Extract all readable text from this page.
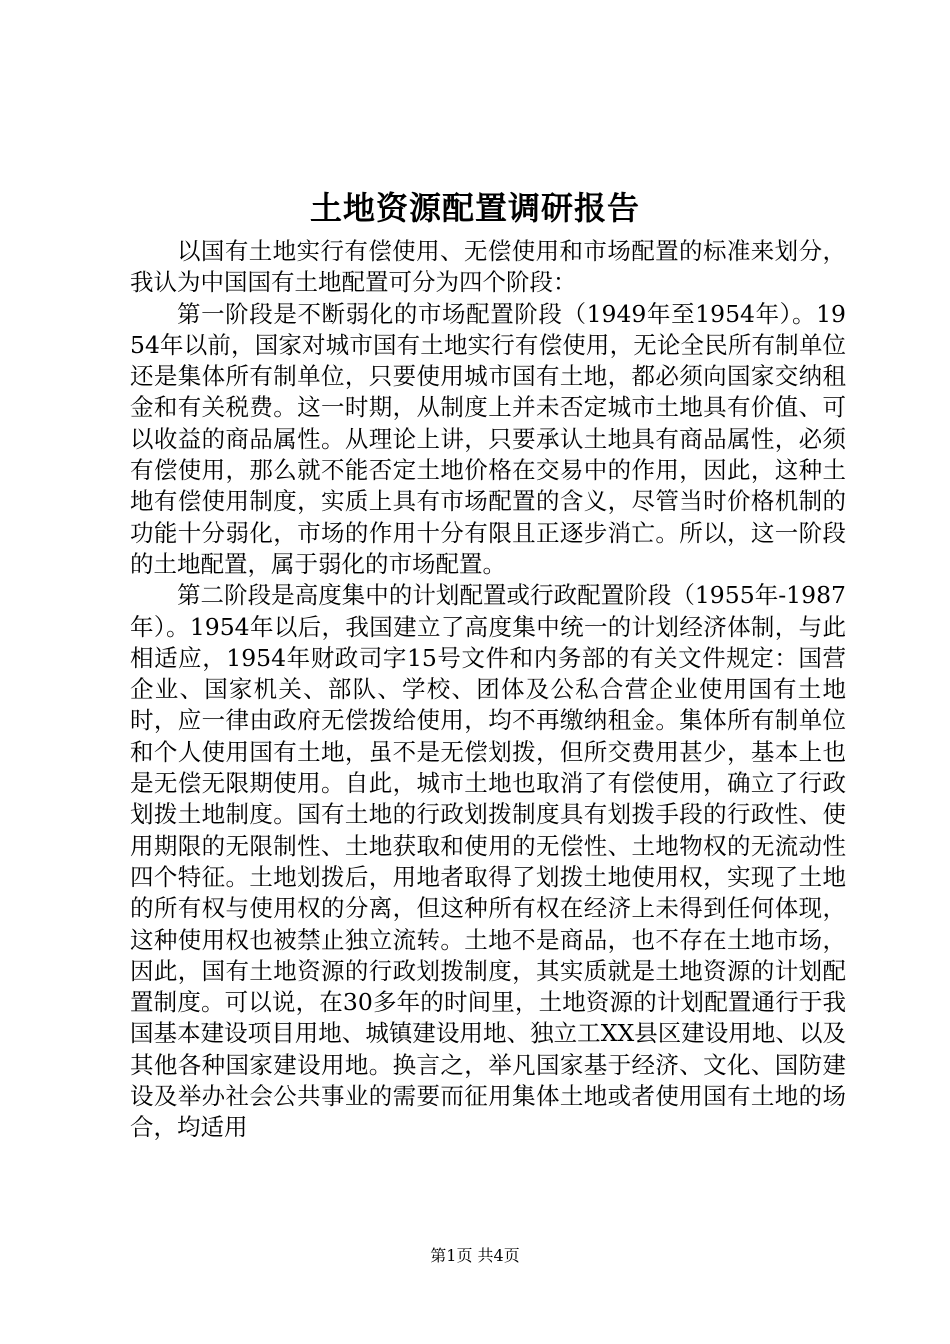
土地资源配置调研报告

以国有土地实行有偿使用、无偿使用和市场配置的标准来划分，我认为中国国有土地配置可分为四个阶段：

第一阶段是不断弱化的市场配置阶段（1949年至1954年）。1954年以前，国家对城市国有土地实行有偿使用，无论全民所有制单位还是集体所有制单位，只要使用城市国有土地，都必须向国家交纳租金和有关税费。这一时期，从制度上并未否定城市土地具有价值、可以收益的商品属性。从理论上讲，只要承认土地具有商品属性，必须有偿使用，那么就不能否定土地价格在交易中的作用，因此，这种土地有偿使用制度，实质上具有市场配置的含义，尽管当时价格机制的功能十分弱化，市场的作用十分有限且正逐步消亡。所以，这一阶段的土地配置，属于弱化的市场配置。

第二阶段是高度集中的计划配置或行政配置阶段（1955年-1987年）。1954年以后，我国建立了高度集中统一的计划经济体制，与此相适应，1954年财政司字15号文件和内务部的有关文件规定：国营企业、国家机关、部队、学校、团体及公私合营企业使用国有土地时，应一律由政府无偿拨给使用，均不再缴纳租金。集体所有制单位和个人使用国有土地，虽不是无偿划拨，但所交费用甚少，基本上也是无偿无限期使用。自此，城市土地也取消了有偿使用，确立了行政划拨土地制度。国有土地的行政划拨制度具有划拨手段的行政性、使用期限的无限制性、土地获取和使用的无偿性、土地物权的无流动性四个特征。土地划拨后，用地者取得了划拨土地使用权，实现了土地的所有权与使用权的分离，但这种所有权在经济上未得到任何体现，这种使用权也被禁止独立流转。土地不是商品，也不存在土地市场，因此，国有土地资源的行政划拨制度，其实质就是土地资源的计划配置制度。可以说，在30多年的时间里，土地资源的计划配置通行于我国基本建设项目用地、城镇建设用地、独立工XX县区建设用地、以及其他各种国家建设用地。换言之，举凡国家基于经济、文化、国防建设及举办社会公共事业的需要而征用集体土地或者使用国有土地的场合，均适用

第1页 共4页
